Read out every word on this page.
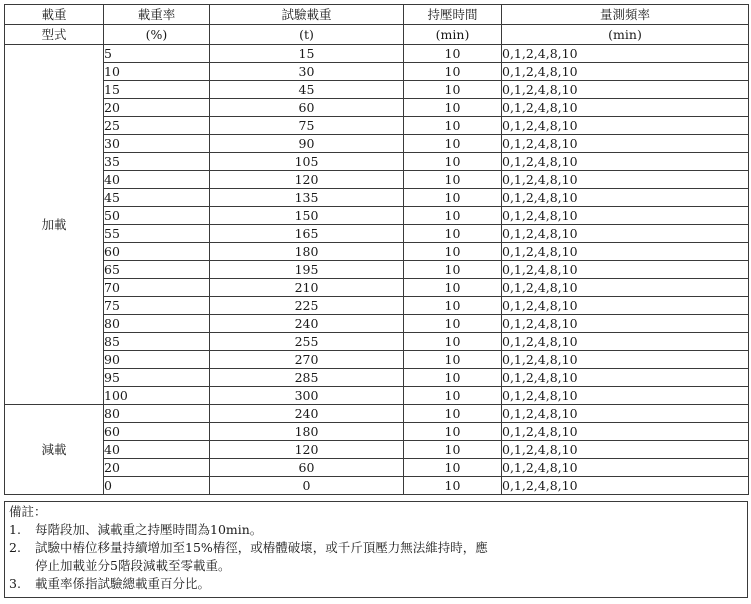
載重	載重率	試驗載重	持壓時間	量測頻率
型式	(%)	(t)	(min)	(min)
加載	5	15	10	0,1,2,4,8,10
	10	30	10	0,1,2,4,8,10
	15	45	10	0,1,2,4,8,10
	20	60	10	0,1,2,4,8,10
	25	75	10	0,1,2,4,8,10
	30	90	10	0,1,2,4,8,10
	35	105	10	0,1,2,4,8,10
	40	120	10	0,1,2,4,8,10
	45	135	10	0,1,2,4,8,10
	50	150	10	0,1,2,4,8,10
	55	165	10	0,1,2,4,8,10
	60	180	10	0,1,2,4,8,10
	65	195	10	0,1,2,4,8,10
	70	210	10	0,1,2,4,8,10
	75	225	10	0,1,2,4,8,10
	80	240	10	0,1,2,4,8,10
	85	255	10	0,1,2,4,8,10
	90	270	10	0,1,2,4,8,10
	95	285	10	0,1,2,4,8,10
	100	300	10	0,1,2,4,8,10
減載	80	240	10	0,1,2,4,8,10
	60	180	10	0,1,2,4,8,10
	40	120	10	0,1,2,4,8,10
	20	60	10	0,1,2,4,8,10
	0	0	10	0,1,2,4,8,10
備註：
1. 每階段加、減載重之持壓時間為10min。
2. 試驗中樁位移量持續增加至15%樁徑，或樁體破壞，或千斤頂壓力無法維持時，應
停止加載並分5階段減載至零載重。
3. 載重率係指試驗總載重百分比。
